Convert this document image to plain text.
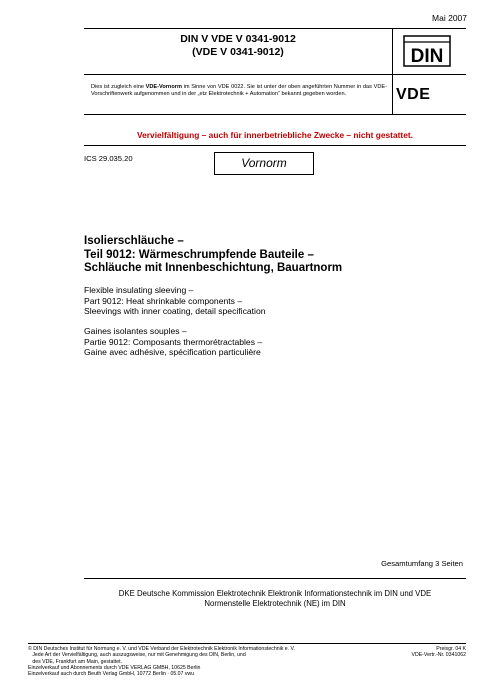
Mai 2007
DIN V VDE V 0341-9012
(VDE V 0341-9012)	DIN
VDE
Dies ist zugleich eine VDE-Vornorm im Sinne von VDE 0022. Sie ist unter der oben angeführten Nummer in das VDE-Vorschriftenwerk aufgenommen und in der „etz Elektrotechnik + Automation“ bekannt gegeben worden.
Vervielfältigung – auch für innerbetriebliche Zwecke – nicht gestattet.
ICS 29.035.20	Vornorm
Isolierschläuche –
Teil 9012: Wärmeschrumpfende Bauteile –
Schläuche mit Innenbeschichtung, Bauartnorm
Flexible insulating sleeving –
Part 9012: Heat shrinkable components –
Sleevings with inner coating, detail specification
Gaines isolantes souples –
Partie 9012: Composants thermorétractables –
Gaine avec adhésive, spécification particulière
Gesamtumfang 3 Seiten
DKE Deutsche Kommission Elektrotechnik Elektronik Informationstechnik im DIN und VDE
Normenstelle Elektrotechnik (NE) im DIN
© DIN Deutsches Institut für Normung e. V. und VDE Verband der Elektrotechnik Elektronik Informationstechnik e. V.
Jede Art der Vervielfältigung, auch auszugsweise, nur mit Genehmigung des DIN, Berlin, und
des VDE, Frankfurt am Main, gestattet.
Einzelverkauf und Abonnements durch VDE VERLAG GMBH, 10625 Berlin
Einzelverkauf auch durch Beuth Verlag GmbH, 10772 Berlin · 05.07 vwu
Preisgr. 04 K
VDE-Vertr.-Nr. 0341062
